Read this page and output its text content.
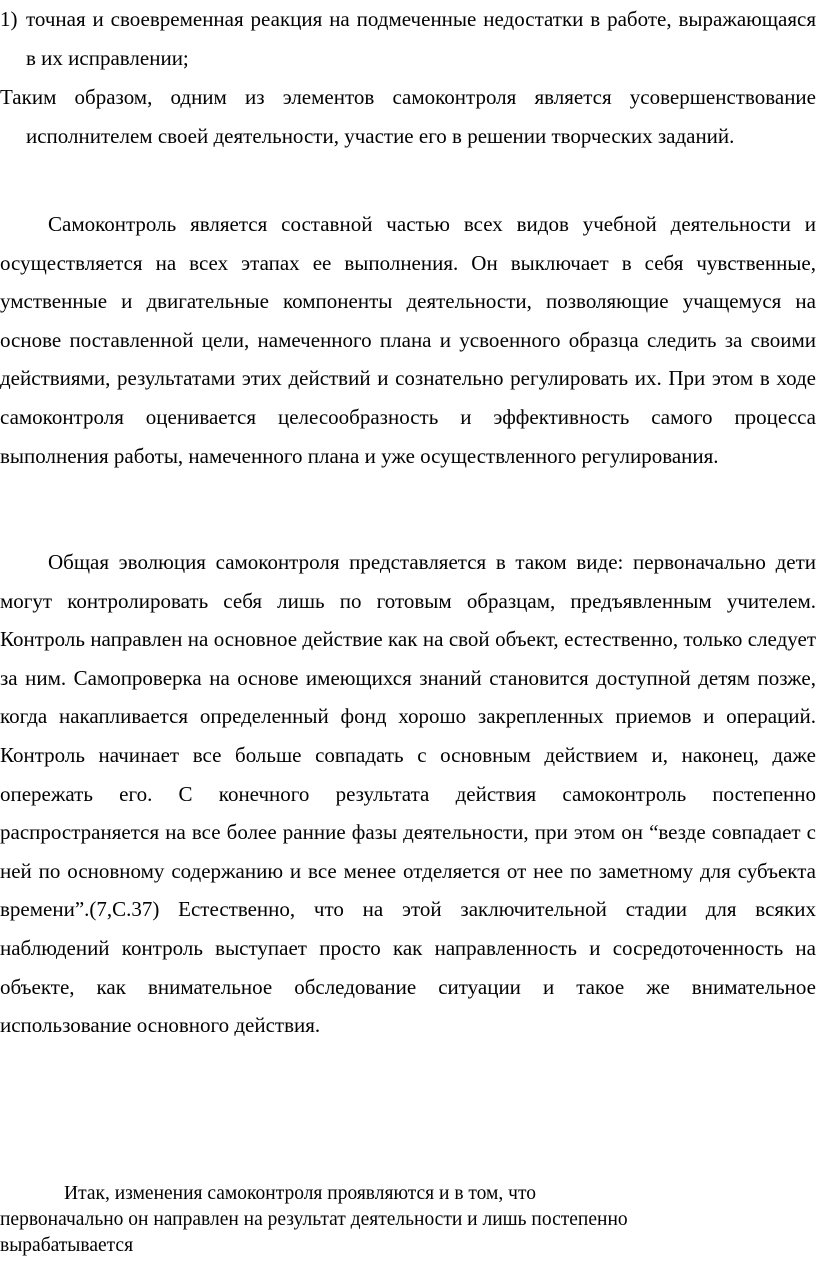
1) точная и своевременная реакция на подмеченные недостатки в работе, выражающаяся в их исправлении;
Таким образом, одним из элементов самоконтроля является усовершенствование исполнителем своей деятельности, участие его в решении творческих заданий.
Самоконтроль является составной частью всех видов учебной деятельности и осуществляется на всех этапах ее выполнения. Он выключает в себя чувственные, умственные и двигательные компоненты деятельности, позволяющие учащемуся на основе поставленной цели, намеченного плана и усвоенного образца следить за своими действиями, результатами этих действий и сознательно регулировать их. При этом в ходе самоконтроля оценивается целесообразность и эффективность самого процесса выполнения работы, намеченного плана и уже осуществленного регулирования.
Общая эволюция самоконтроля представляется в таком виде: первоначально дети могут контролировать себя лишь по готовым образцам, предъявленным учителем. Контроль направлен на основное действие как на свой объект, естественно, только следует за ним. Самопроверка на основе имеющихся знаний становится доступной детям позже, когда накапливается определенный фонд хорошо закрепленных приемов и операций. Контроль начинает все больше совпадать с основным действием и, наконец, даже опережать его. С конечного результата действия самоконтроль постепенно распространяется на все более ранние фазы деятельности, при этом он “везде совпадает с ней по основному содержанию и все менее отделяется от нее по заметному для субъекта времени”.(7,С.37) Естественно, что на этой заключительной стадии для всяких наблюдений контроль выступает просто как направленность и сосредоточенность на объекте, как внимательное обследование ситуации и такое же внимательное использование основного действия.
Итак, изменения самоконтроля проявляются и в том, что
первоначально он направлен на результат деятельности и лишь постепенно
вырабатывается
